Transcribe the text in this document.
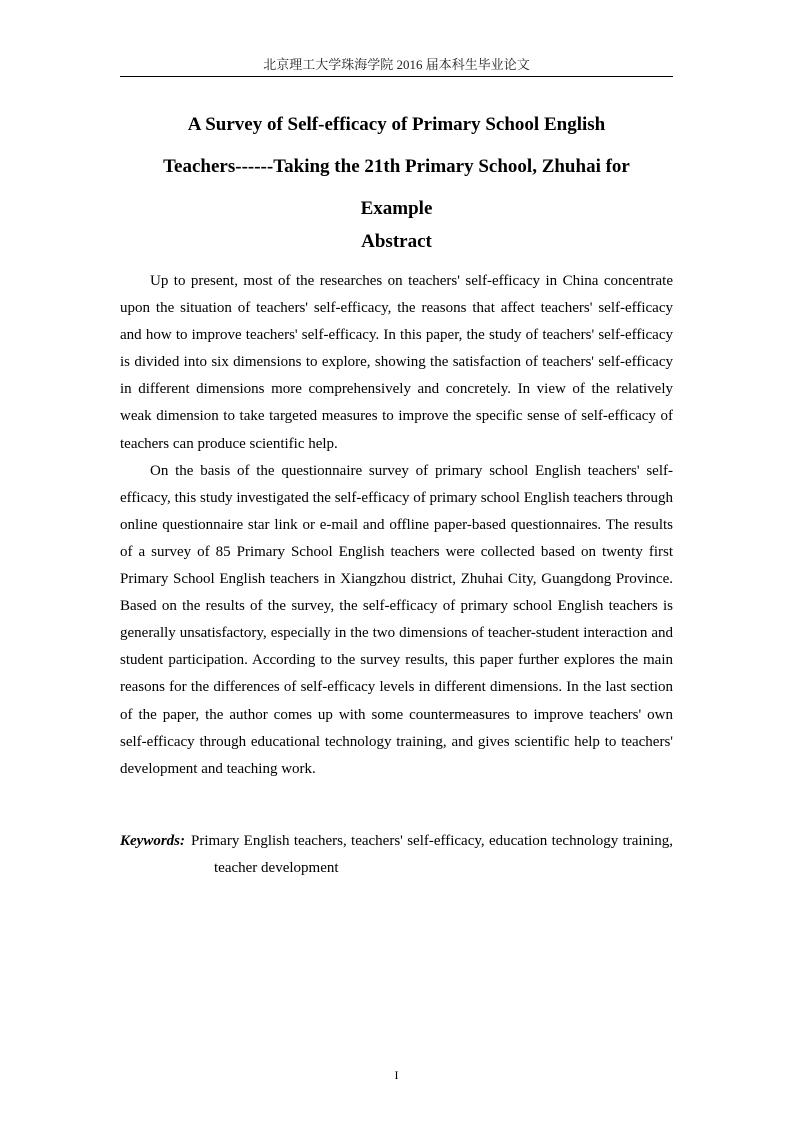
北京理工大学珠海学院 2016 届本科生毕业论文
A Survey of Self-efficacy of Primary School English
Teachers------Taking the 21th Primary School, Zhuhai for
Example
Abstract

Up to present, most of the researches on teachers' self-efficacy in China concentrate upon the situation of teachers' self-efficacy, the reasons that affect teachers' self-efficacy and how to improve teachers' self-efficacy. In this paper, the study of teachers' self-efficacy is divided into six dimensions to explore, showing the satisfaction of teachers' self-efficacy in different dimensions more comprehensively and concretely. In view of the relatively weak dimension to take targeted measures to improve the specific sense of self-efficacy of teachers can produce scientific help.

On the basis of the questionnaire survey of primary school English teachers' self-efficacy, this study investigated the self-efficacy of primary school English teachers through online questionnaire star link or e-mail and offline paper-based questionnaires. The results of a survey of 85 Primary School English teachers were collected based on twenty first Primary School English teachers in Xiangzhou district, Zhuhai City, Guangdong Province. Based on the results of the survey, the self-efficacy of primary school English teachers is generally unsatisfactory, especially in the two dimensions of teacher-student interaction and student participation. According to the survey results, this paper further explores the main reasons for the differences of self-efficacy levels in different dimensions. In the last section of the paper, the author comes up with some countermeasures to improve teachers' own self-efficacy through educational technology training, and gives scientific help to teachers' development and teaching work.

Keywords: Primary English teachers, teachers' self-efficacy, education technology training, teacher development
I
